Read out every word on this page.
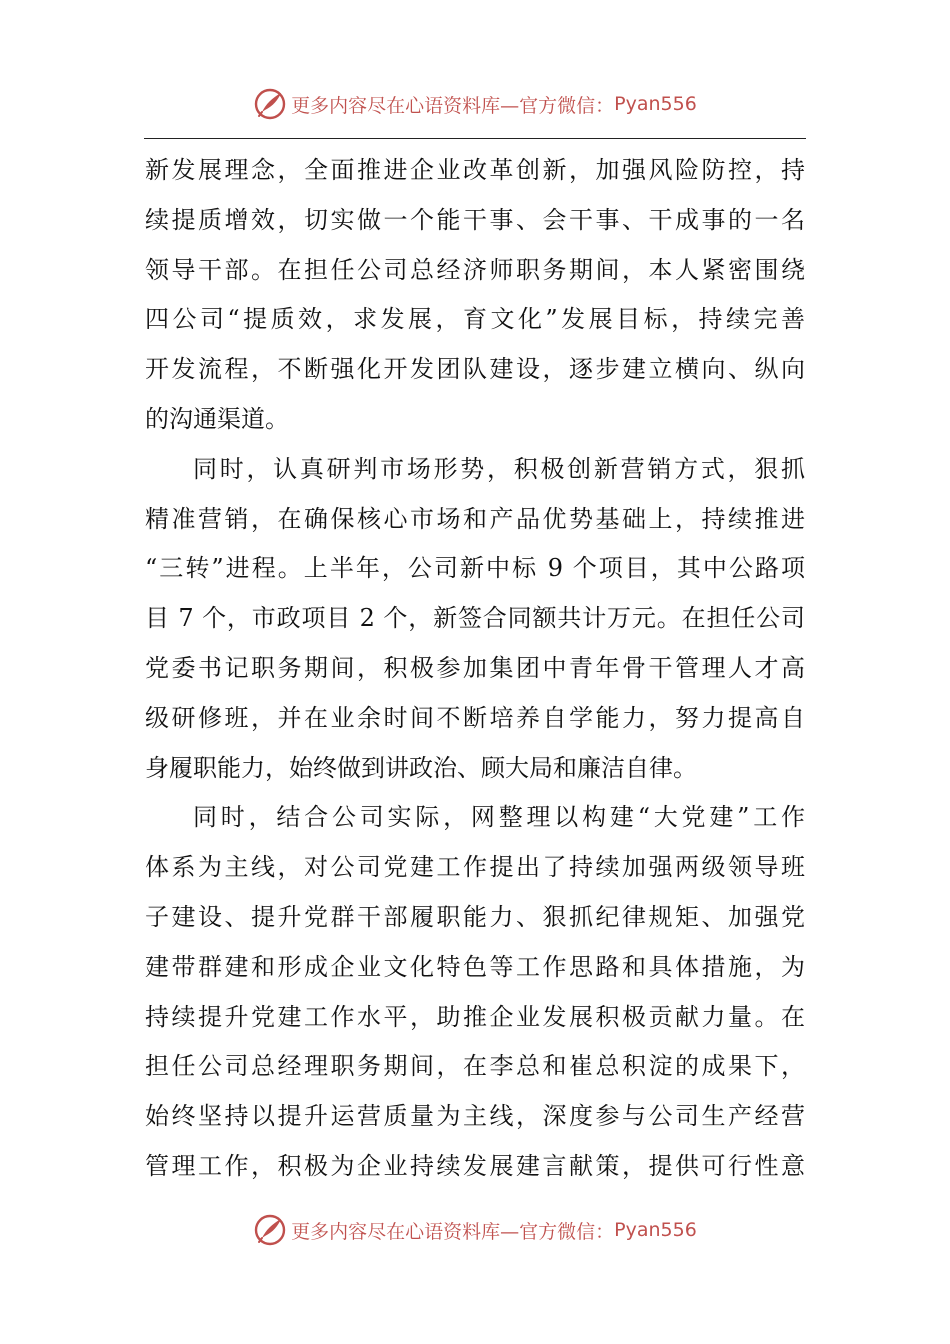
更多内容尽在心语资料库—官方微信： Pyan556
新发展理念，全面推进企业改革创新，加强风险防控，持
续提质增效，切实做一个能干事、会干事、干成事的一名
领导干部。在担任公司总经济师职务期间，本人紧密围绕
四公司“提质效，求发展，育文化”发展目标，持续完善
开发流程，不断强化开发团队建设，逐步建立横向、纵向
的沟通渠道。
同时，认真研判市场形势，积极创新营销方式，狠抓
精准营销，在确保核心市场和产品优势基础上，持续推进
“三转”进程。上半年，公司新中标 9 个项目，其中公路项
目 7 个，市政项目 2 个，新签合同额共计万元。在担任公司
党委书记职务期间，积极参加集团中青年骨干管理人才高
级研修班，并在业余时间不断培养自学能力，努力提高自
身履职能力，始终做到讲政治、顾大局和廉洁自律。
同时，结合公司实际，网整理以构建“大党建”工作
体系为主线，对公司党建工作提出了持续加强两级领导班
子建设、提升党群干部履职能力、狠抓纪律规矩、加强党
建带群建和形成企业文化特色等工作思路和具体措施，为
持续提升党建工作水平，助推企业发展积极贡献力量。在
担任公司总经理职务期间，在李总和崔总积淀的成果下，
始终坚持以提升运营质量为主线，深度参与公司生产经营
管理工作，积极为企业持续发展建言献策，提供可行性意
更多内容尽在心语资料库—官方微信： Pyan556
